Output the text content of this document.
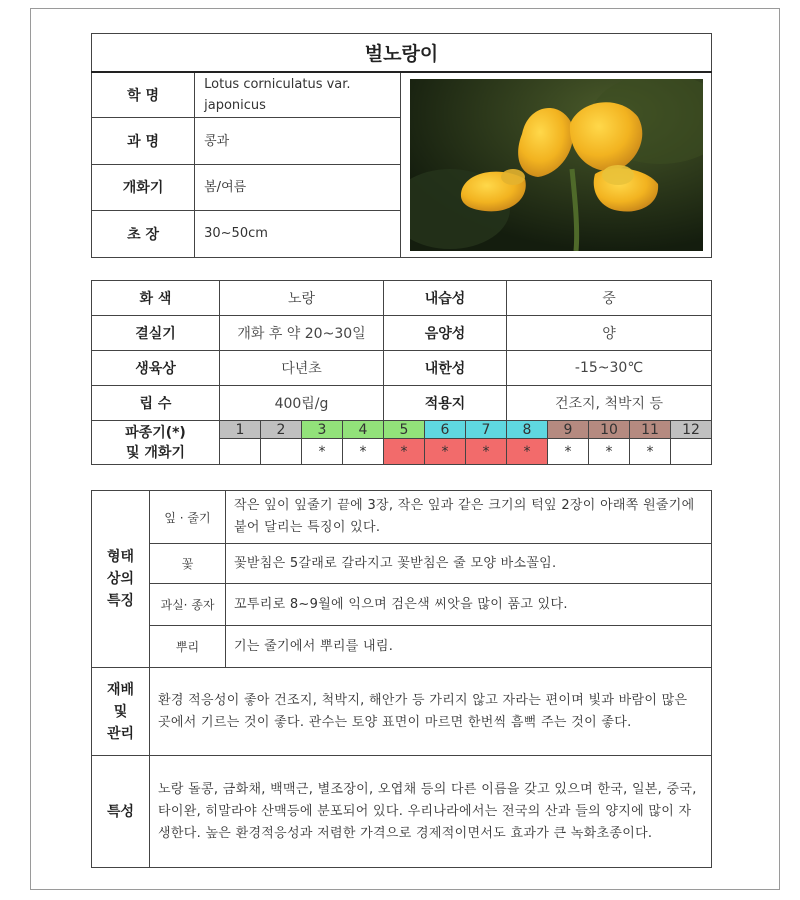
벌노랑이		
학 명	Lotus corniculatus var. japonicus	

과 명	콩과	
개화기	봄/여름	
초 장	30~50cm	
화 색	노랑				내습성			중				
결실기	개화 후 약 20~30일				음양성			양				
생육상	다년초				내한성			-15~30℃				
립 수	400립/g				적용지			건조지, 척박지 등				

파종기(*)
및 개화기	1	2	3	4	5	6	7	8	9	10	11	12
			*	*	*	*	*	*	*	*	*	
형태
상의
특징	잎 · 줄기	작은 잎이 잎줄기 끝에 3장, 작은 잎과 같은 크기의 턱잎 2장이 아래쪽 원줄기에 붙어 달리는 특징이 있다.
	꽃	꽃받침은 5갈래로 갈라지고 꽃받침은 줄 모양 바소꼴임.
	과실· 종자	꼬투리로 8~9월에 익으며 검은색 씨앗을 많이 품고 있다.
	뿌리	기는 줄기에서 뿌리를 내림.

재배
및
관리	환경 적응성이 좋아 건조지, 척박지, 해안가 등 가리지 않고 자라는 편이며 빛과 바람이 많은 곳에서 기르는 것이 좋다. 관수는 토양 표면이 마르면 한번씩 흠뻑 주는 것이 좋다.	
특성	노랑 돌콩, 금화채, 백맥근, 별조장이, 오엽채 등의 다른 이름을 갖고 있으며 한국, 일본, 중국, 타이완, 히말라야 산맥등에 분포되어 있다. 우리나라에서는 전국의 산과 들의 양지에 많이 자생한다. 높은 환경적응성과 저렴한 가격으로 경제적이면서도 효과가 큰 녹화초종이다.	
